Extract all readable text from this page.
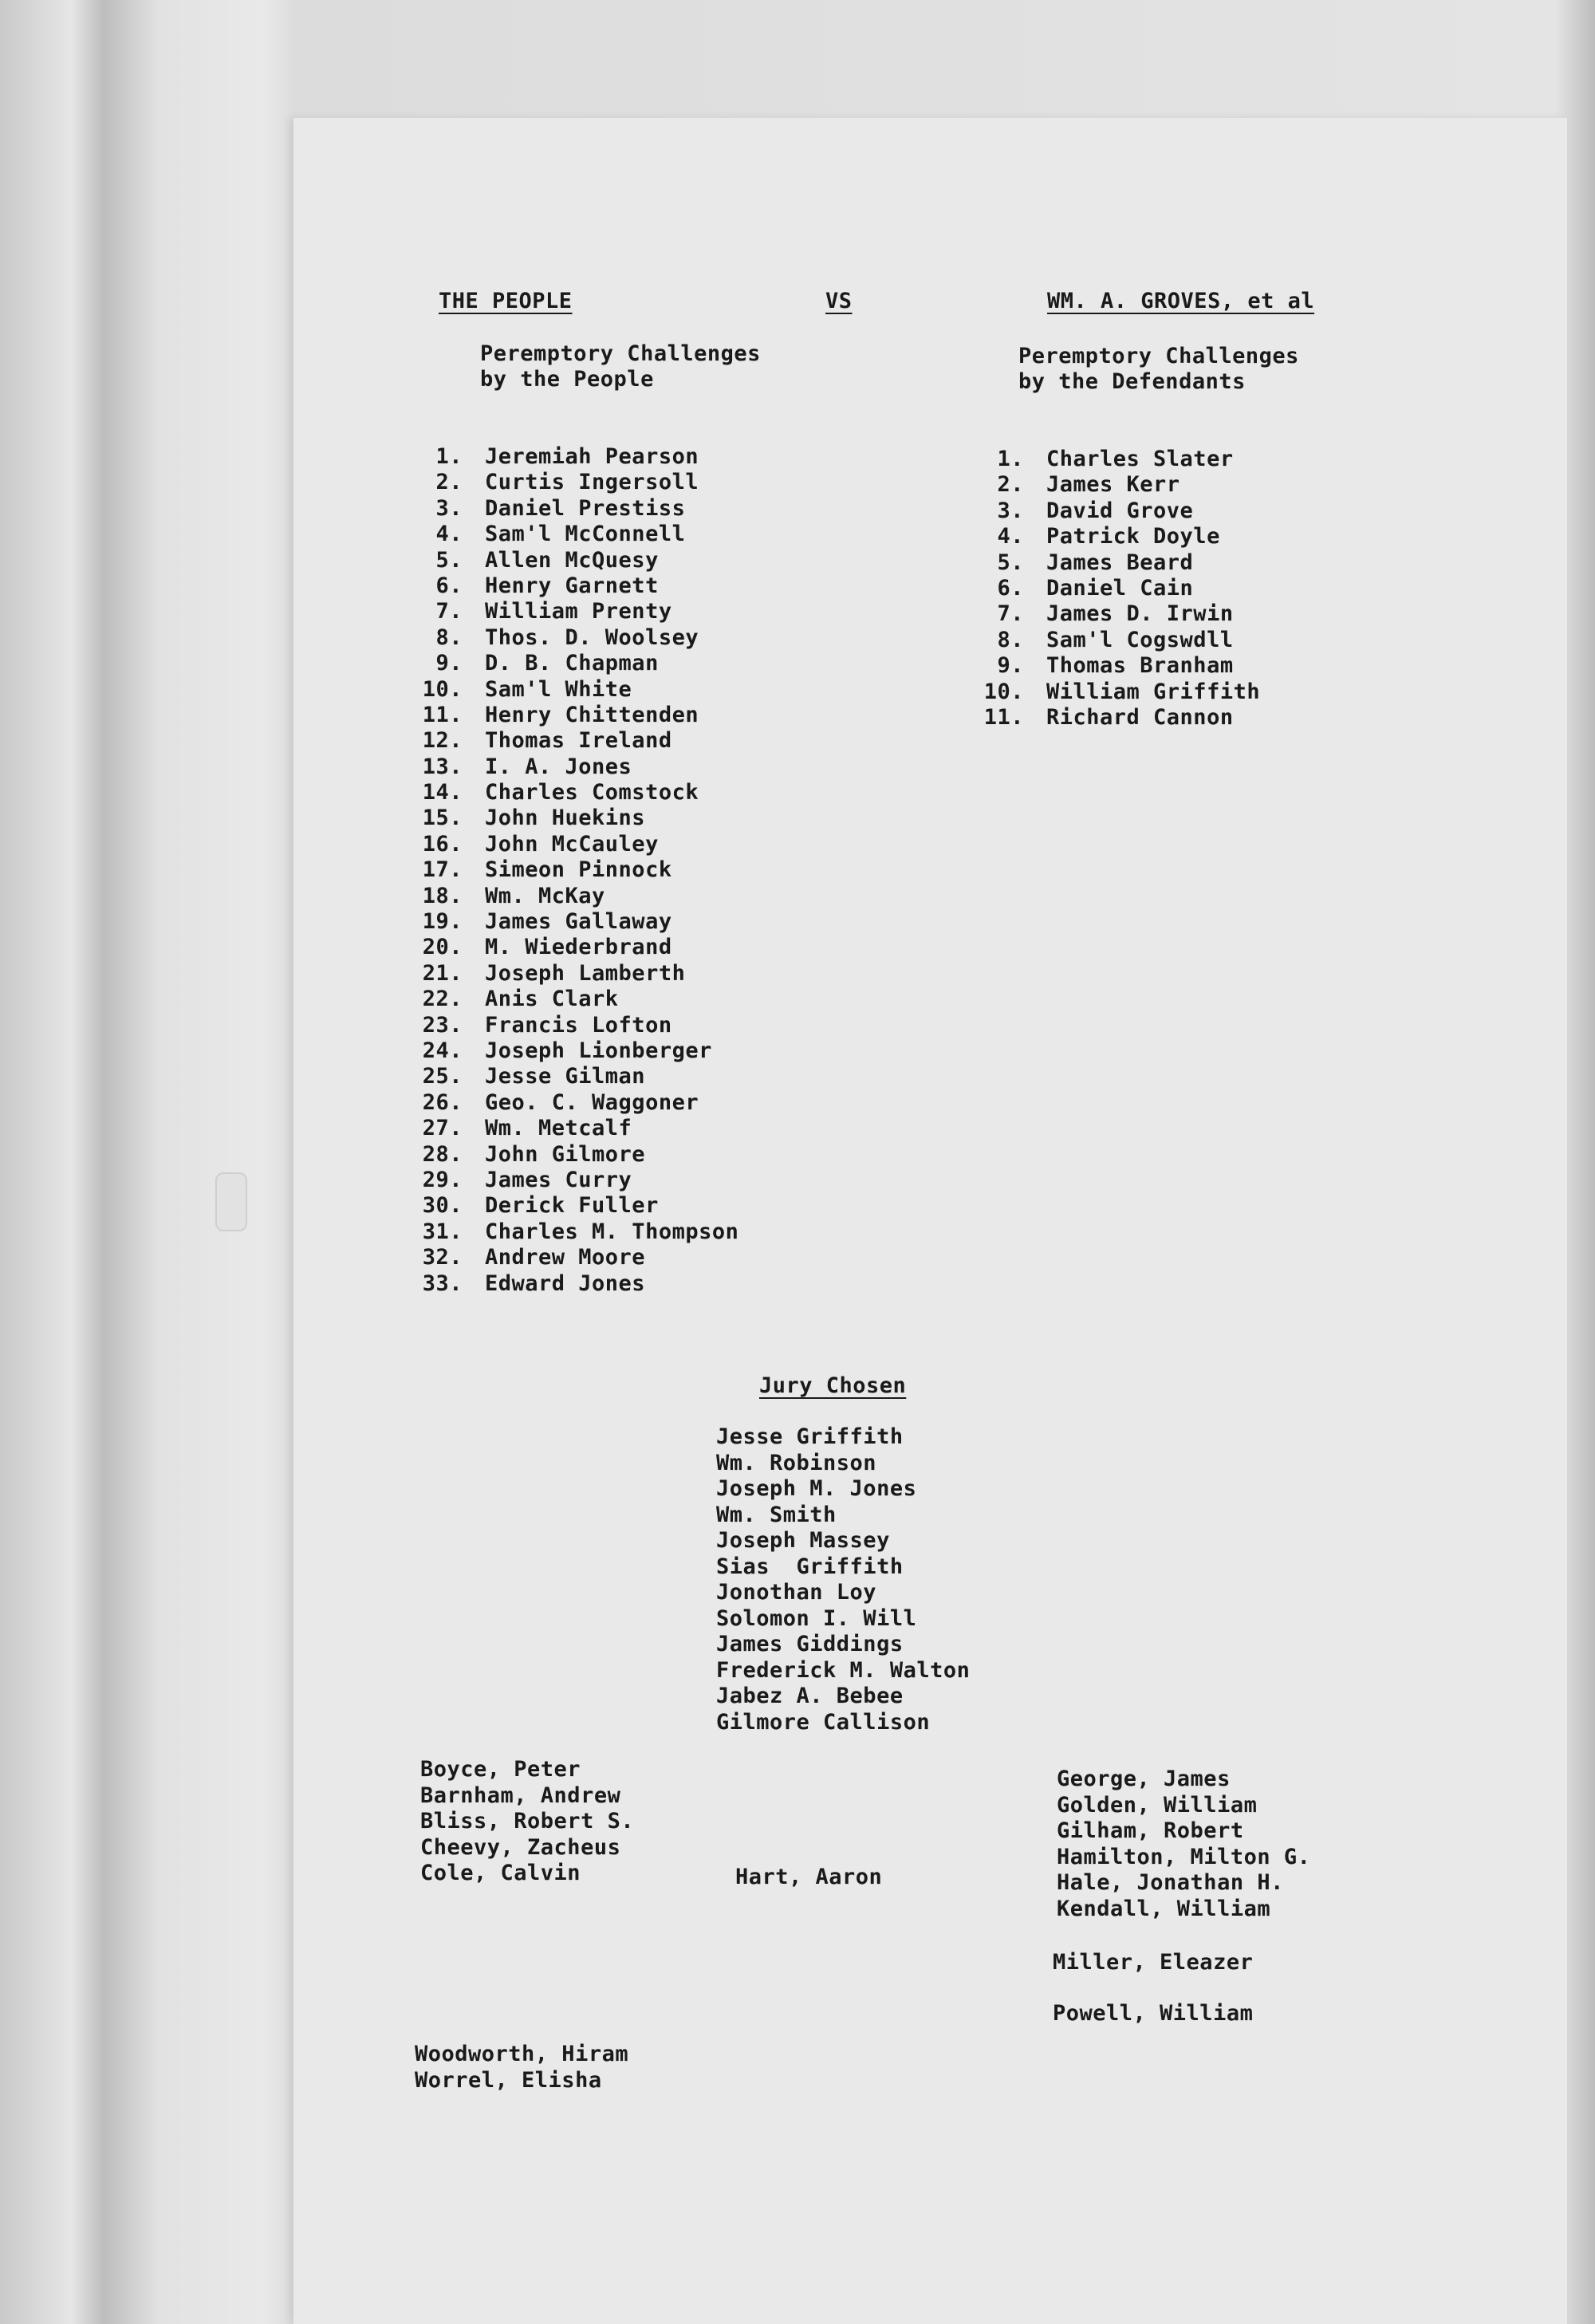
THE PEOPLE	VS	WM. A. GROVES, et al
Peremptory Challenges
by the People
1. Jeremiah Pearson
2. Curtis Ingersoll
3. Daniel Prestiss
4. Sam'l McConnell
5. Allen McQuesy
6. Henry Garnett
7. William Prenty
8. Thos. D. Woolsey
9. D. B. Chapman
10. Sam'l White
11. Henry Chittenden
12. Thomas Ireland
13. I. A. Jones
14. Charles Comstock
15. John Huekins
16. John McCauley
17. Simeon Pinnock
18. Wm. McKay
19. James Gallaway
20. M. Wiederbrand
21. Joseph Lamberth
22. Anis Clark
23. Francis Lofton
24. Joseph Lionberger
25. Jesse Gilman
26. Geo. C. Waggoner
27. Wm. Metcalf
28. John Gilmore
29. James Curry
30. Derick Fuller
31. Charles M. Thompson
32. Andrew Moore
33. Edward Jones
Peremptory Challenges
by the Defendants
1. Charles Slater
2. James Kerr
3. David Grove
4. Patrick Doyle
5. James Beard
6. Daniel Cain
7. James D. Irwin
8. Sam'l Cogswdll
9. Thomas Branham
10. William Griffith
11. Richard Cannon
Jury Chosen
Jesse Griffith
Wm. Robinson
Joseph M. Jones
Wm. Smith
Joseph Massey
Sias  Griffith
Jonothan Loy
Solomon I. Will
James Giddings
Frederick M. Walton
Jabez A. Bebee
Gilmore Callison
Boyce, Peter
Barnham, Andrew
Bliss, Robert S.
Cheevy, Zacheus
Cole, Calvin	Hart, Aaron
George, James
Golden, William
Gilham, Robert
Hamilton, Milton G.
Hale, Jonathan H.
Kendall, William
Miller, Eleazer
Powell, William
Woodworth, Hiram
Worrel, Elisha
